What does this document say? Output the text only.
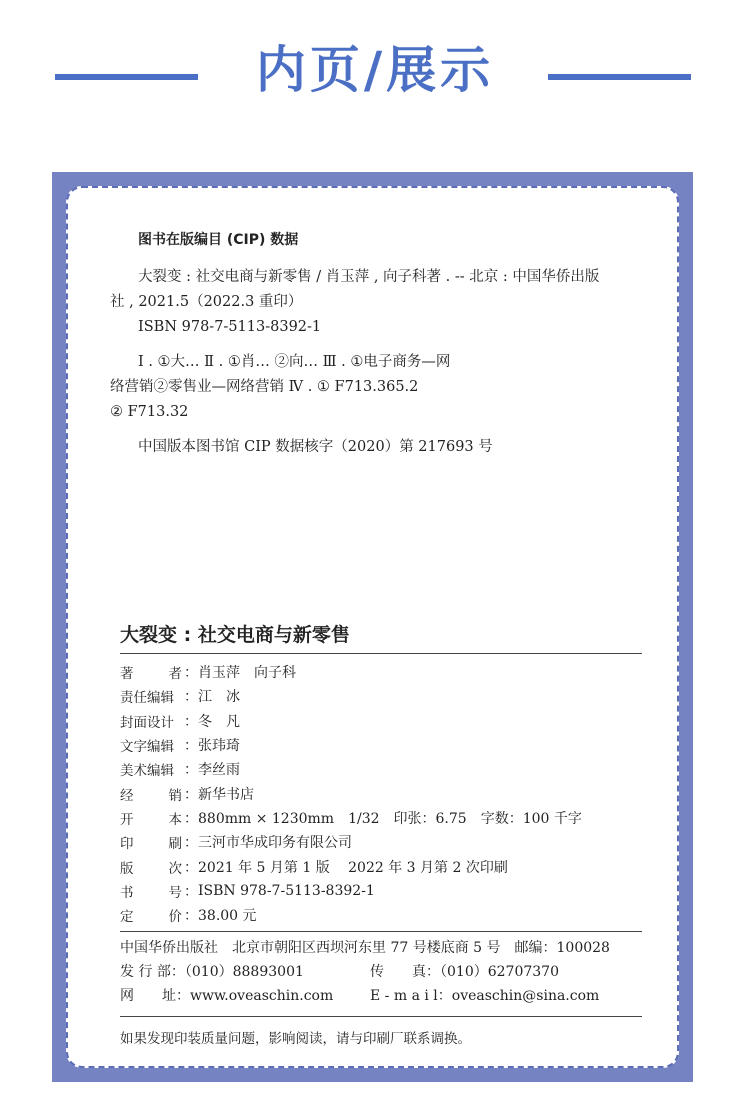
内页/展示
图书在版编目 (CIP) 数据

大裂变 : 社交电商与新零售 / 肖玉萍 , 向子科著 . -- 北京 : 中国华侨出版

社 , 2021.5（2022.3 重印）

ISBN 978-7-5113-8392-1

Ⅰ . ①大… Ⅱ . ①肖… ②向… Ⅲ . ①电子商务—网

络营销②零售业—网络营销 Ⅳ . ① F713.365.2

② F713.32

中国版本图书馆 CIP 数据核字（2020）第 217693 号

大裂变 : 社交电商与新零售
著 者	：	肖玉萍　向子科

责任编辑	：	江　冰

封面设计	：	冬　凡

文字编辑	：	张玮琦

美术编辑	：	李丝雨

经 销	：	新华书店

开 本	：	880mm × 1230mm　1/32　印张：6.75　字数：100 千字

印 刷	：	三河市华成印务有限公司

版 次	：	2021 年 5 月第 1 版　 2022 年 3 月第 2 次印刷

书 号	：	ISBN 978-7-5113-8392-1

定 价	：	38.00 元
中国华侨出版社　北京市朝阳区西坝河东里 77 号楼底商 5 号　邮编：100028
发 行 部：（010）88893001	传　　真：（010）62707370
网　　址：www.oveaschin.com	E - m a i l：oveaschin@sina.com
如果发现印装质量问题，影响阅读，请与印刷厂联系调换。
